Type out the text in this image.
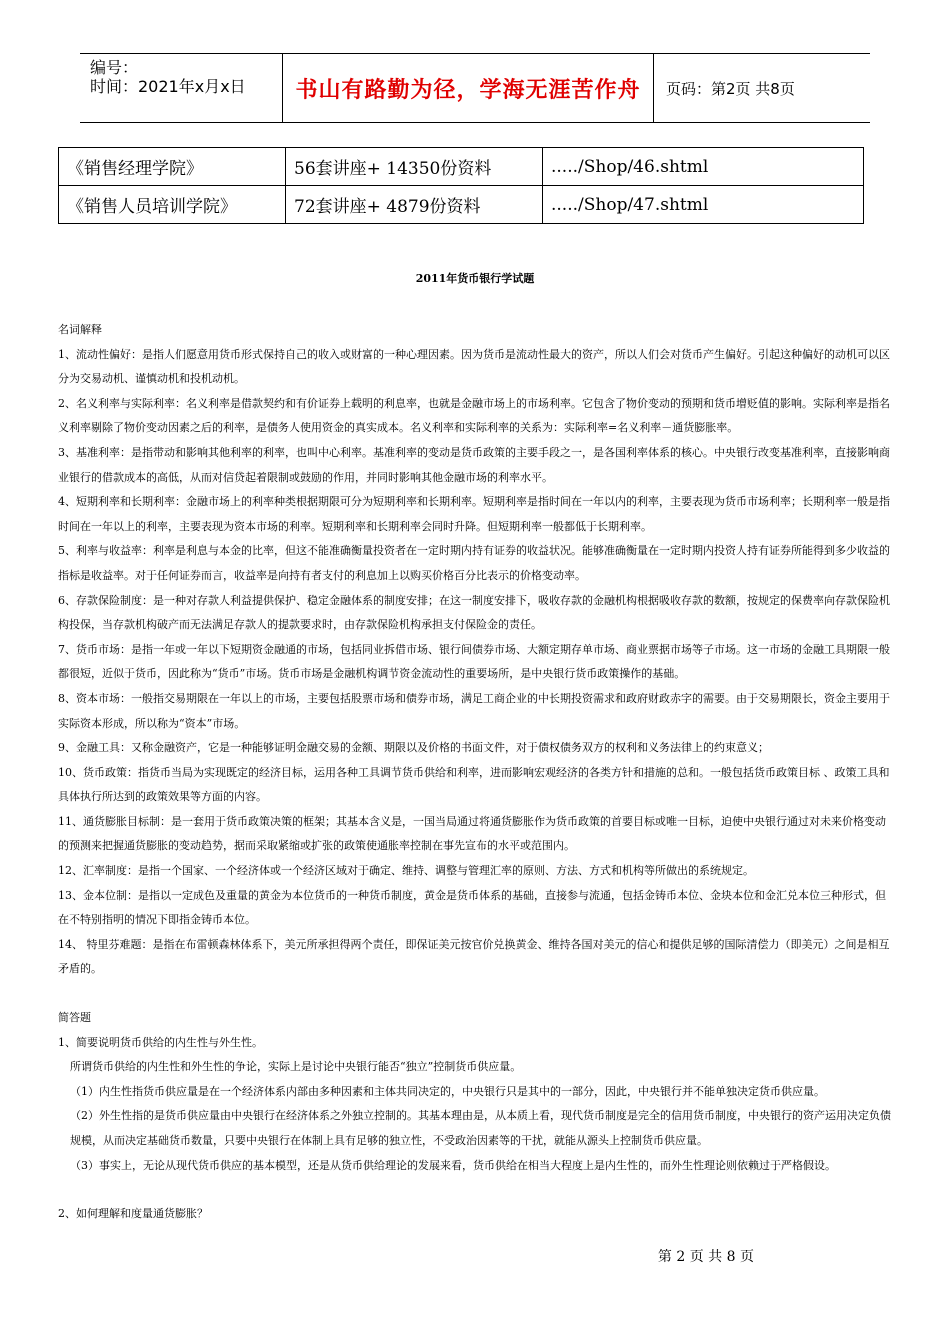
编号：
时间：2021年x月x日	书山有路勤为径，学海无涯苦作舟	页码：第2页 共8页
《销售经理学院》	56套讲座+ 14350份资料	...../Shop/46.shtml
《销售人员培训学院》	72套讲座+ 4879份资料	...../Shop/47.shtml
2011年货币银行学试题

名词解释

1、流动性偏好：是指人们愿意用货币形式保持自己的收入或财富的一种心理因素。因为货币是流动性最大的资产，所以人们会对货币产生偏好。引起这种偏好的动机可以区分为交易动机、谨慎动机和投机动机。

2、名义利率与实际利率：名义利率是借款契约和有价证券上载明的利息率，也就是金融市场上的市场利率。它包含了物价变动的预期和货币增贬值的影响。实际利率是指名义利率剔除了物价变动因素之后的利率，是债务人使用资金的真实成本。名义利率和实际利率的关系为：实际利率=名义利率－通货膨胀率。

3、基准利率：是指带动和影响其他利率的利率，也叫中心利率。基准利率的变动是货币政策的主要手段之一，是各国利率体系的核心。中央银行改变基准利率，直接影响商业银行的借款成本的高低，从而对信贷起着限制或鼓励的作用，并同时影响其他金融市场的利率水平。

4、短期利率和长期利率：金融市场上的利率种类根据期限可分为短期利率和长期利率。短期利率是指时间在一年以内的利率，主要表现为货币市场利率；长期利率一般是指时间在一年以上的利率，主要表现为资本市场的利率。短期利率和长期利率会同时升降。但短期利率一般都低于长期利率。

5、利率与收益率：利率是利息与本金的比率，但这不能准确衡量投资者在一定时期内持有证券的收益状况。能够准确衡量在一定时期内投资人持有证券所能得到多少收益的指标是收益率。对于任何证券而言，收益率是向持有者支付的利息加上以购买价格百分比表示的价格变动率。

6、存款保险制度：是一种对存款人利益提供保护、稳定金融体系的制度安排；在这一制度安排下，吸收存款的金融机构根据吸收存款的数额，按规定的保费率向存款保险机构投保，当存款机构破产而无法满足存款人的提款要求时，由存款保险机构承担支付保险金的责任。

7、货币市场：是指一年或一年以下短期资金融通的市场，包括同业拆借市场、银行间债券市场、大额定期存单市场、商业票据市场等子市场。这一市场的金融工具期限一般都很短，近似于货币，因此称为“货币”市场。货币市场是金融机构调节资金流动性的重要场所，是中央银行货币政策操作的基础。

8、资本市场：一般指交易期限在一年以上的市场，主要包括股票市场和债券市场，满足工商企业的中长期投资需求和政府财政赤字的需要。由于交易期限长，资金主要用于实际资本形成，所以称为“资本”市场。

9、金融工具：又称金融资产，它是一种能够证明金融交易的金额、期限以及价格的书面文件，对于债权债务双方的权利和义务法律上的约束意义；

10、货币政策：指货币当局为实现既定的经济目标，运用各种工具调节货币供给和利率，进而影响宏观经济的各类方针和措施的总和。一般包括货币政策目标 、政策工具和具体执行所达到的政策效果等方面的内容。

11、通货膨胀目标制：是一套用于货币政策决策的框架；其基本含义是，一国当局通过将通货膨胀作为货币政策的首要目标或唯一目标，迫使中央银行通过对未来价格变动的预测来把握通货膨胀的变动趋势，据而采取紧缩或扩张的政策使通胀率控制在事先宣布的水平或范围内。

12、汇率制度：是指一个国家、一个经济体或一个经济区域对于确定、维持、调整与管理汇率的原则、方法、方式和机构等所做出的系统规定。

13、金本位制：是指以一定成色及重量的黄金为本位货币的一种货币制度，黄金是货币体系的基础，直接参与流通，包括金铸币本位、金块本位和金汇兑本位三种形式，但在不特别指明的情况下即指金铸币本位。

14、 特里芬难题：是指在布雷顿森林体系下，美元所承担得两个责任，即保证美元按官价兑换黄金、维持各国对美元的信心和提供足够的国际清偿力（即美元）之间是相互矛盾的。

简答题

1、简要说明货币供给的内生性与外生性。

所谓货币供给的内生性和外生性的争论，实际上是讨论中央银行能否“独立”控制货币供应量。

（1）内生性指货币供应量是在一个经济体系内部由多种因素和主体共同决定的，中央银行只是其中的一部分，因此，中央银行并不能单独决定货币供应量。

（2）外生性指的是货币供应量由中央银行在经济体系之外独立控制的。其基本理由是，从本质上看，现代货币制度是完全的信用货币制度，中央银行的资产运用决定负债规模，从而决定基础货币数量，只要中央银行在体制上具有足够的独立性，不受政治因素等的干扰，就能从源头上控制货币供应量。

（3）事实上，无论从现代货币供应的基本模型，还是从货币供给理论的发展来看，货币供给在相当大程度上是内生性的，而外生性理论则依赖过于严格假设。

2、如何理解和度量通货膨胀？

第 2 页 共 8 页
